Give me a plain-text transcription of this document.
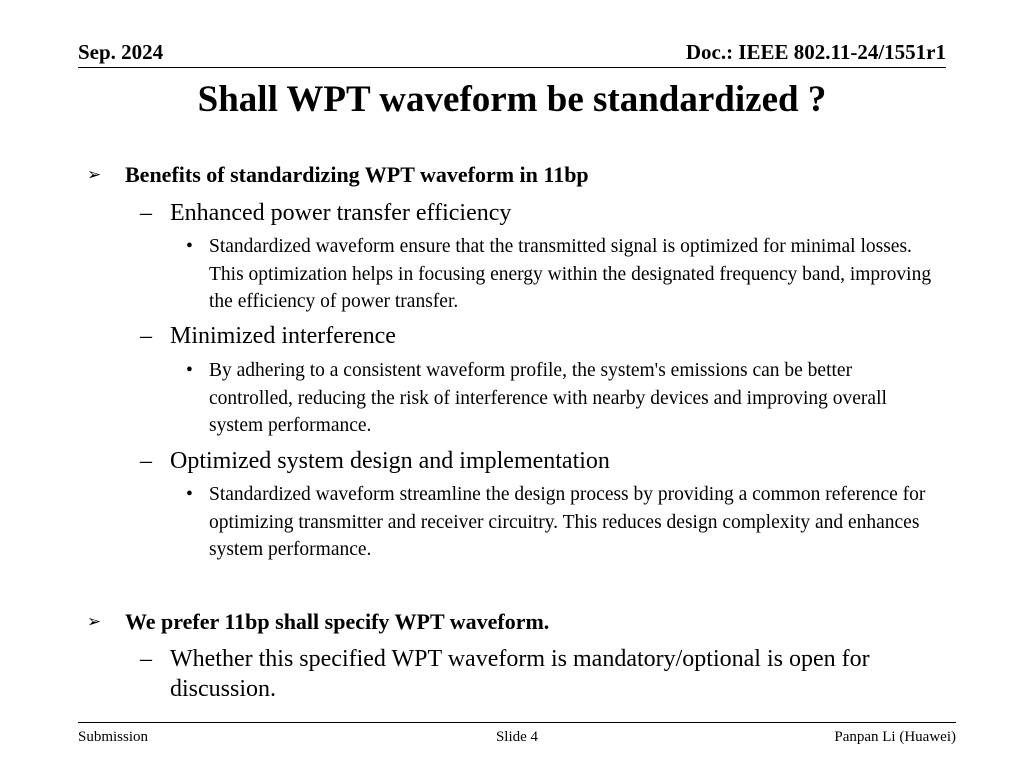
Sep. 2024	Doc.: IEEE 802.11-24/1551r1
Shall WPT waveform be standardized ?
➢ Benefits of standardizing WPT waveform in 11bp
– Enhanced power transfer efficiency
• Standardized waveform ensure that the transmitted signal is optimized for minimal losses. This optimization helps in focusing energy within the designated frequency band, improving the efficiency of power transfer.
– Minimized interference
• By adhering to a consistent waveform profile, the system's emissions can be better controlled, reducing the risk of interference with nearby devices and improving overall system performance.
– Optimized system design and implementation
• Standardized waveform streamline the design process by providing a common reference for optimizing transmitter and receiver circuitry. This reduces design complexity and enhances system performance.
➢ We prefer 11bp shall specify WPT waveform.
– Whether this specified WPT waveform is mandatory/optional is open for discussion.
Submission	Slide 4	Panpan Li (Huawei)
